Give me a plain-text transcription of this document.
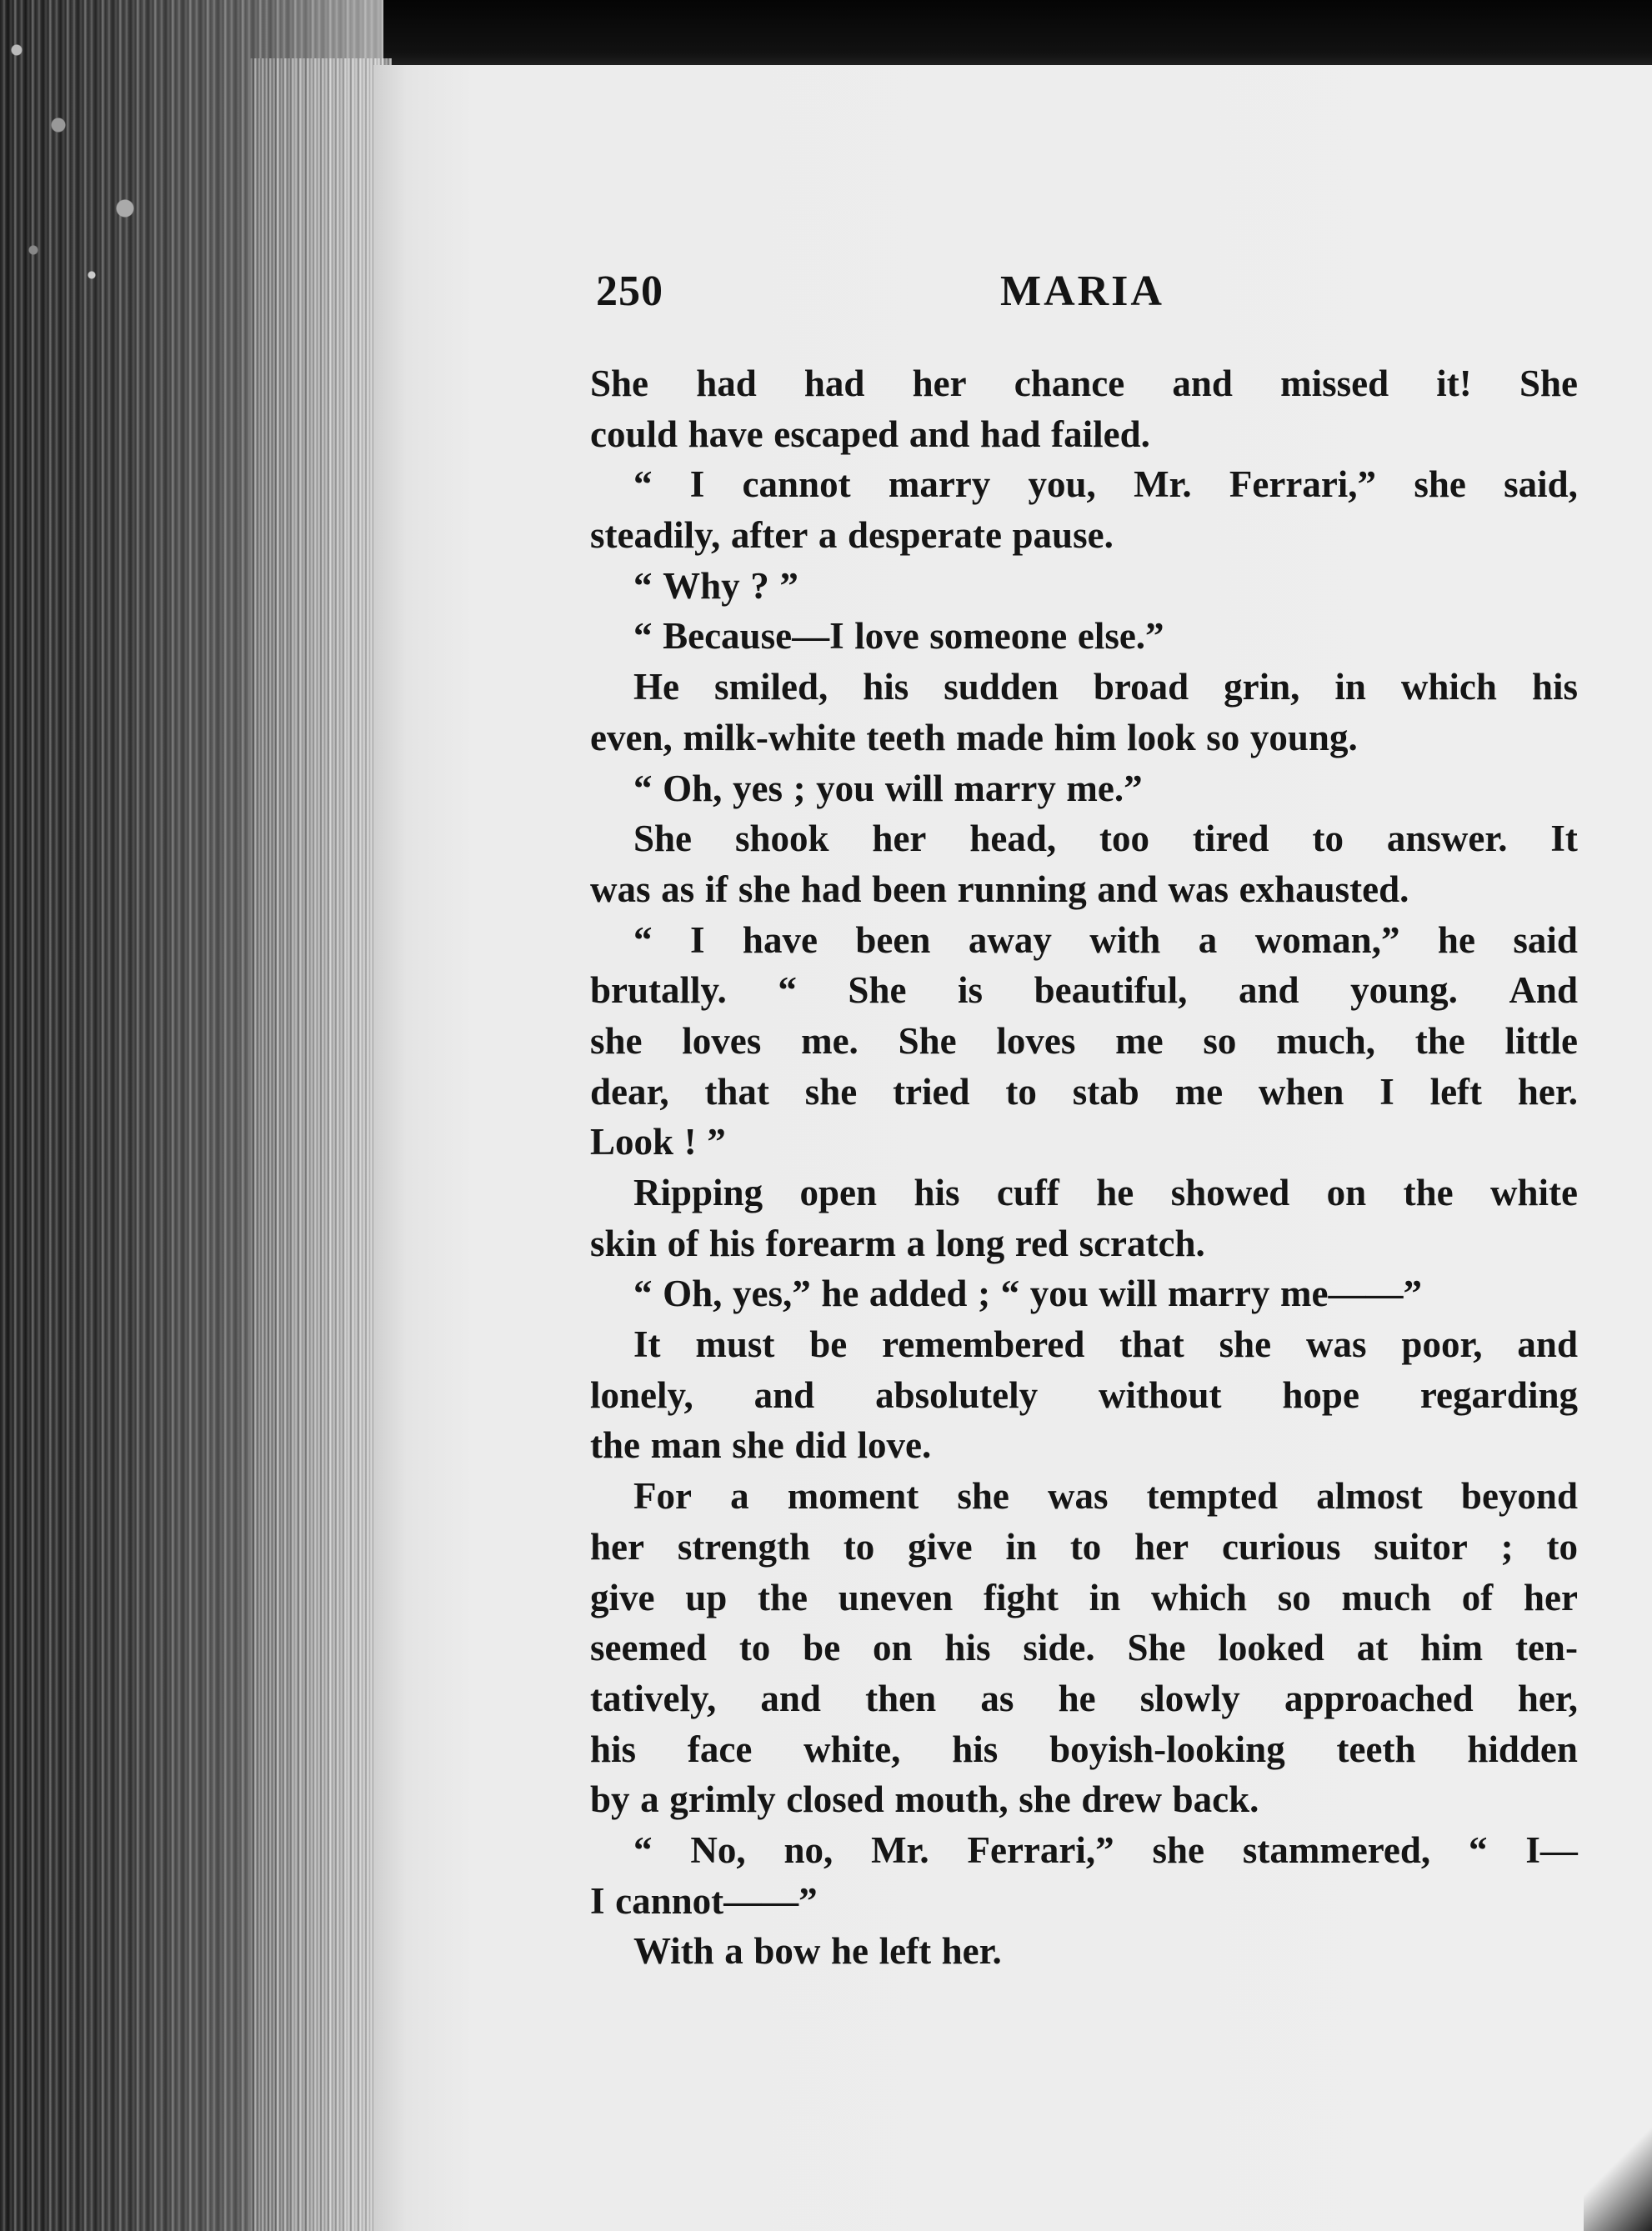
250	MARIA
She had had her chance and missed it! She
could have escaped and had failed.
“ I cannot marry you, Mr. Ferrari,” she said,
steadily, after a desperate pause.
“ Why ? ”
“ Because—I love someone else.”
He smiled, his sudden broad grin, in which his
even, milk-white teeth made him look so young.
“ Oh, yes ; you will marry me.”
She shook her head, too tired to answer. It
was as if she had been running and was exhausted.
“ I have been away with a woman,” he said
brutally. “ She is beautiful, and young. And
she loves me. She loves me so much, the little
dear, that she tried to stab me when I left her.
Look ! ”
Ripping open his cuff he showed on the white
skin of his forearm a long red scratch.
“ Oh, yes,” he added ; “ you will marry me——”
It must be remembered that she was poor, and
lonely, and absolutely without hope regarding
the man she did love.
For a moment she was tempted almost beyond
her strength to give in to her curious suitor ; to
give up the uneven fight in which so much of her
seemed to be on his side. She looked at him ten-
tatively, and then as he slowly approached her,
his face white, his boyish-looking teeth hidden
by a grimly closed mouth, she drew back.
“ No, no, Mr. Ferrari,” she stammered, “ I—
I cannot——”
With a bow he left her.
